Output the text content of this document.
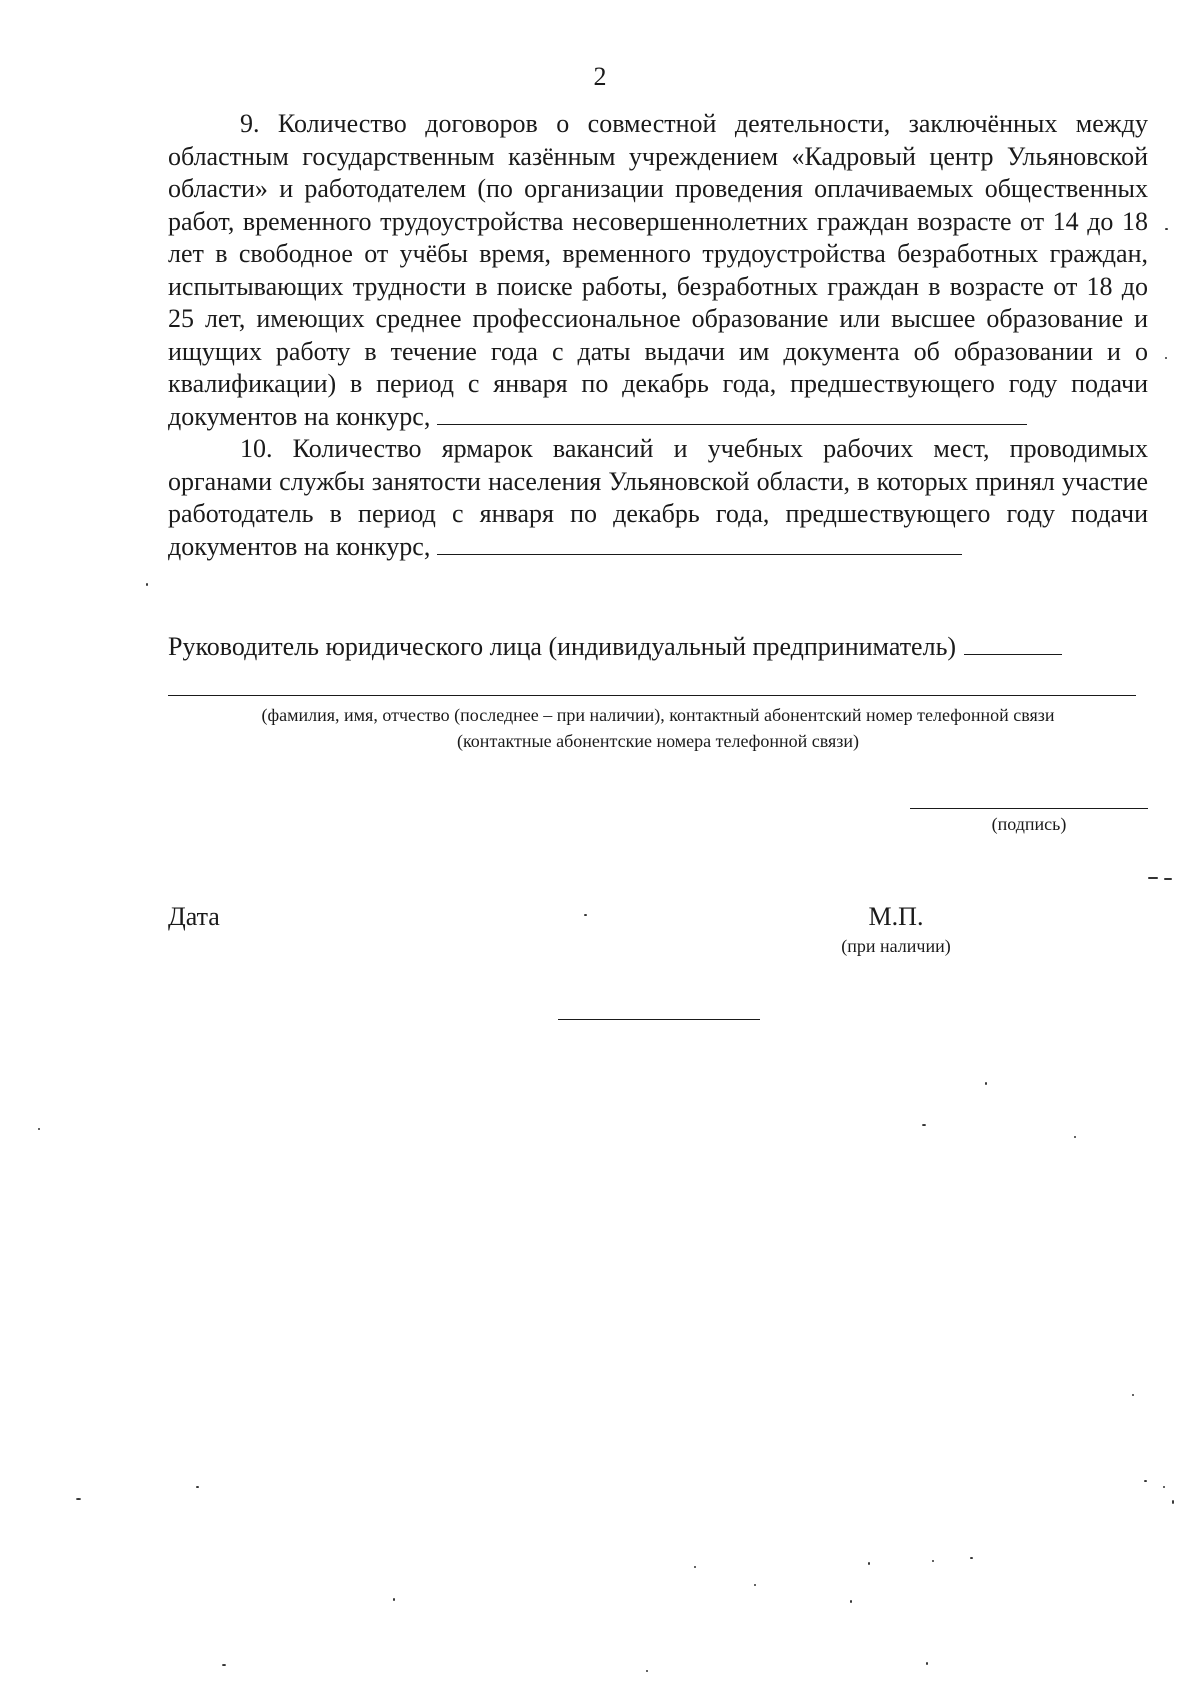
2

9. Количество договоров о совместной деятельности, заключённых между областным государственным казённым учреждением «Кадровый центр Ульяновской области» и работодателем (по организации проведения оплачиваемых общественных работ, временного трудоустройства несовершеннолетних граждан возрасте от 14 до 18 лет в свободное от учёбы время, временного трудоустройства безработных граждан, испытывающих трудности в поиске работы, безработных граждан в возрасте от 18 до 25 лет, имеющих среднее профессиональное образование или высшее образование и ищущих работу в течение года с даты выдачи им документа об образовании и о квалификации) в период с января по декабрь года, предшествующего году подачи документов на конкурс,

10. Количество ярмарок вакансий и учебных рабочих мест, проводимых органами службы занятости населения Ульяновской области, в которых принял участие работодатель в период с января по декабрь года, предшествующего году подачи документов на конкурс,

Руководитель юридического лица (индивидуальный предприниматель)
(фамилия, имя, отчество (последнее – при наличии), контактный абонентский номер телефонной связи
(контактные абонентские номера телефонной связи)
(подпись)
Дата	М.П.
(при наличии)
